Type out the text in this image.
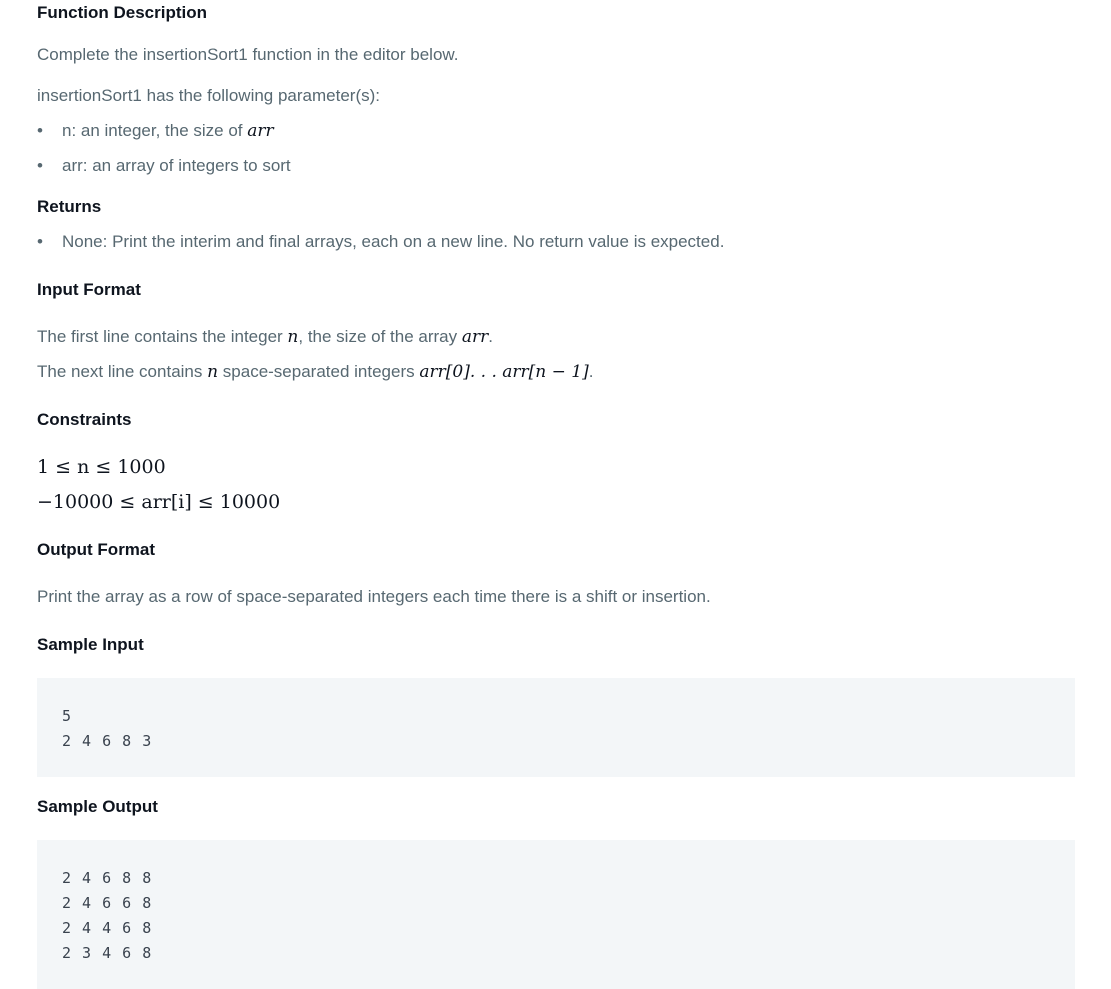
Function Description
Complete the insertionSort1 function in the editor below.
insertionSort1 has the following parameter(s):
• n: an integer, the size of arr
• arr: an array of integers to sort
Returns
• None: Print the interim and final arrays, each on a new line. No return value is expected.
Input Format
The first line contains the integer n, the size of the array arr.
The next line contains n space-separated integers arr[0]. . . arr[n − 1].
Constraints
1 ≤ n ≤ 1000
−10000 ≤ arr[i] ≤ 10000
Output Format
Print the array as a row of space-separated integers each time there is a shift or insertion.
Sample Input
5
2 4 6 8 3
Sample Output
2 4 6 8 8
2 4 6 6 8
2 4 4 6 8
2 3 4 6 8
